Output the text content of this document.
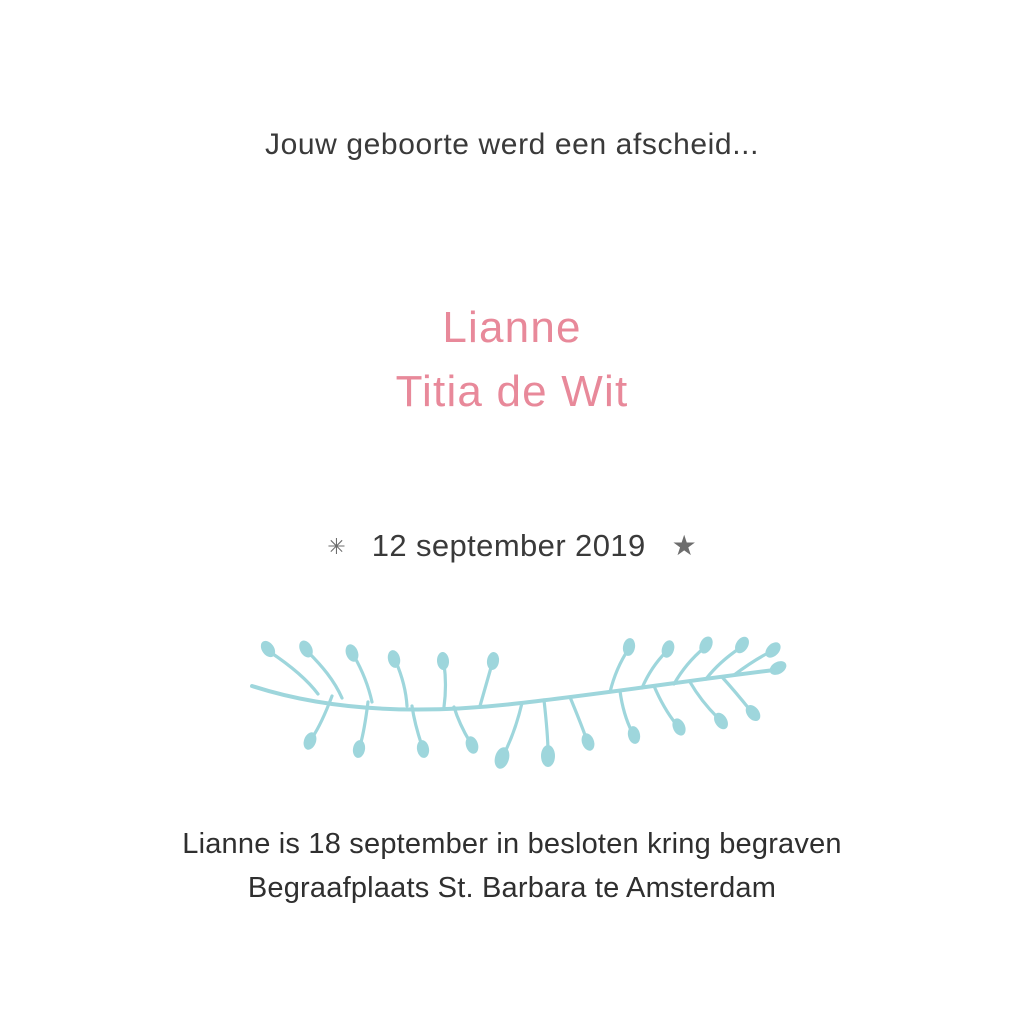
Jouw geboorte werd een afscheid...
Lianne
Titia de Wit
✳ 12 september 2019 ★
Lianne is 18 september in besloten kring begraven
Begraafplaats St. Barbara te Amsterdam
